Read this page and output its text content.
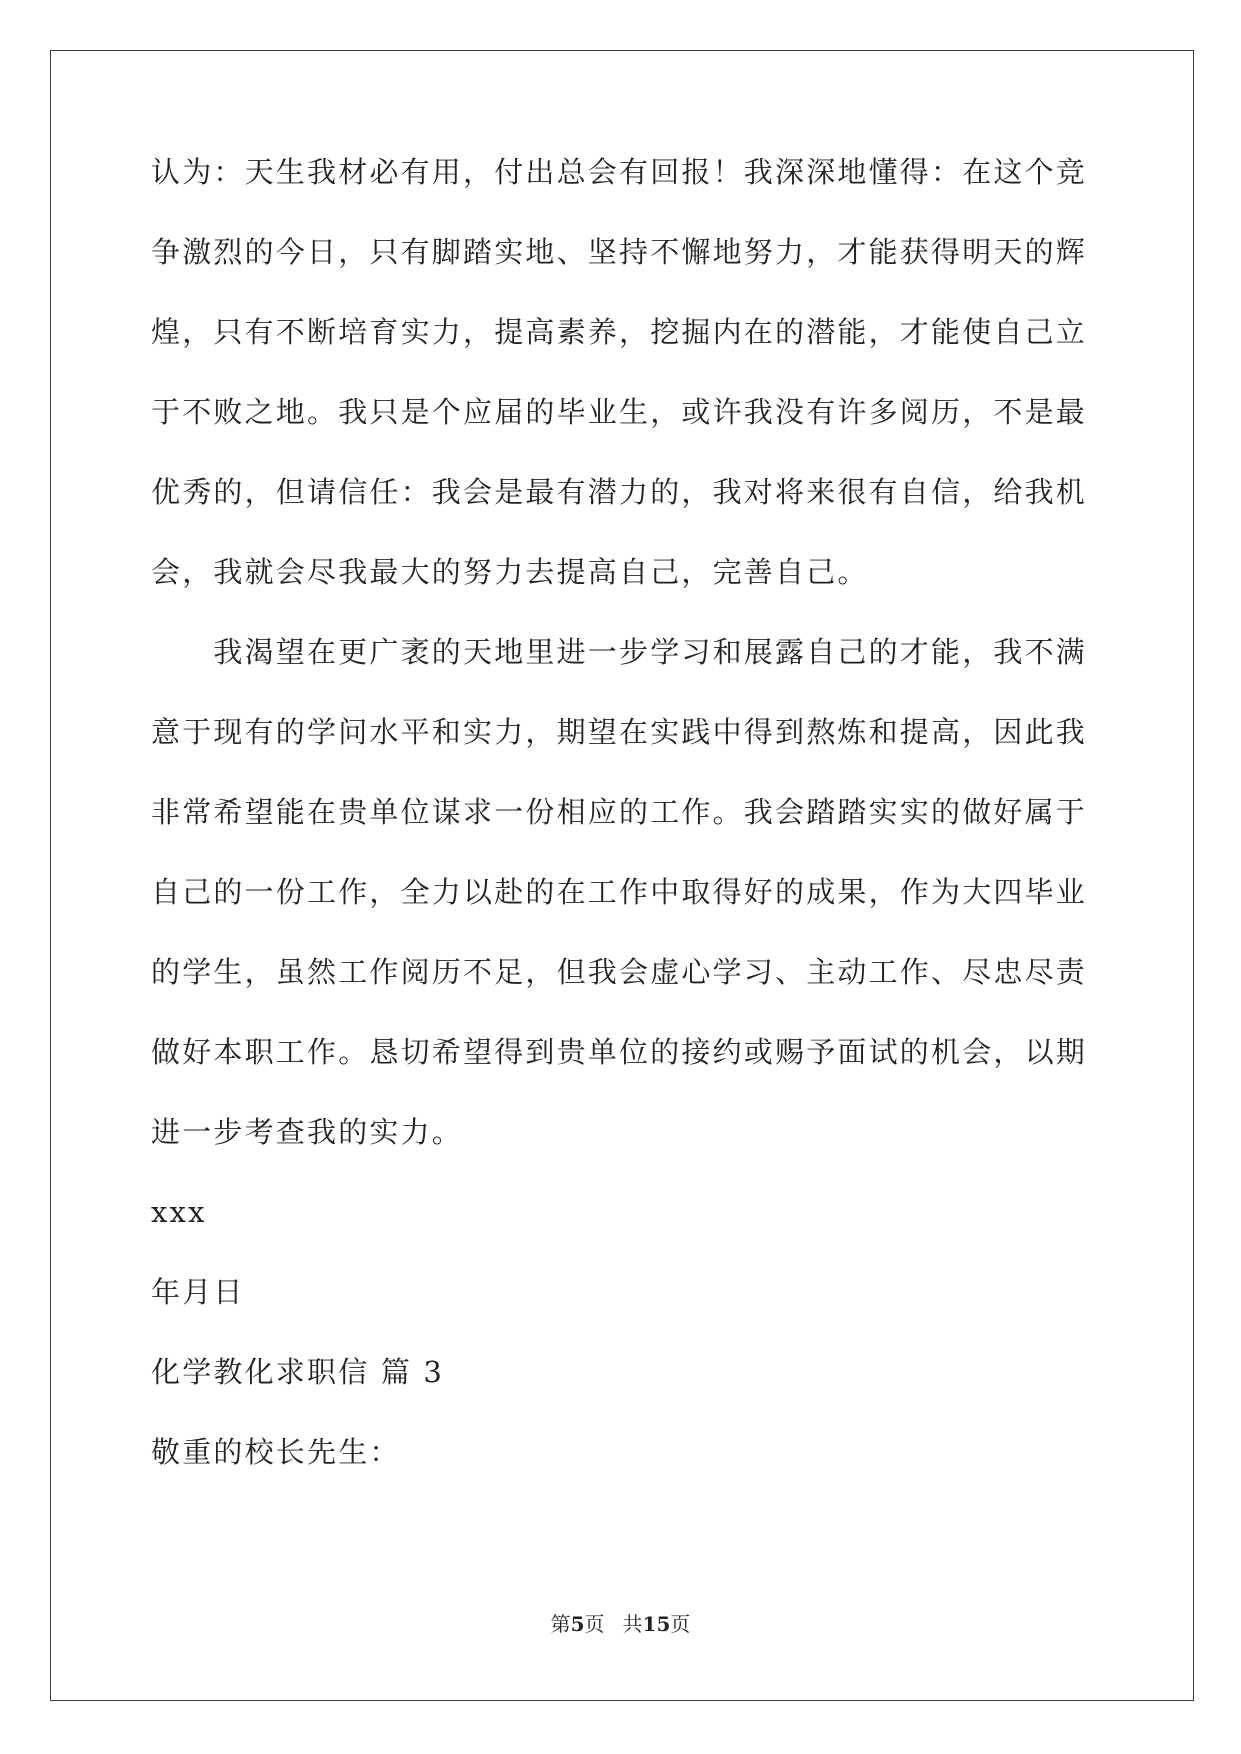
认为：天生我材必有用，付出总会有回报！我深深地懂得：在这个竞
争激烈的今日，只有脚踏实地、坚持不懈地努力，才能获得明天的辉
煌，只有不断培育实力，提高素养，挖掘内在的潜能，才能使自己立
于不败之地。我只是个应届的毕业生，或许我没有许多阅历，不是最
优秀的，但请信任：我会是最有潜力的，我对将来很有自信，给我机
会，我就会尽我最大的努力去提高自己，完善自己。
　　我渴望在更广袤的天地里进一步学习和展露自己的才能，我不满
意于现有的学问水平和实力，期望在实践中得到熬炼和提高，因此我
非常希望能在贵单位谋求一份相应的工作。我会踏踏实实的做好属于
自己的一份工作，全力以赴的在工作中取得好的成果，作为大四毕业
的学生，虽然工作阅历不足，但我会虚心学习、主动工作、尽忠尽责
做好本职工作。恳切希望得到贵单位的接约或赐予面试的机会，以期
进一步考查我的实力。
xxx
年月日
化学教化求职信 篇 3
敬重的校长先生：
第5页 共15页
